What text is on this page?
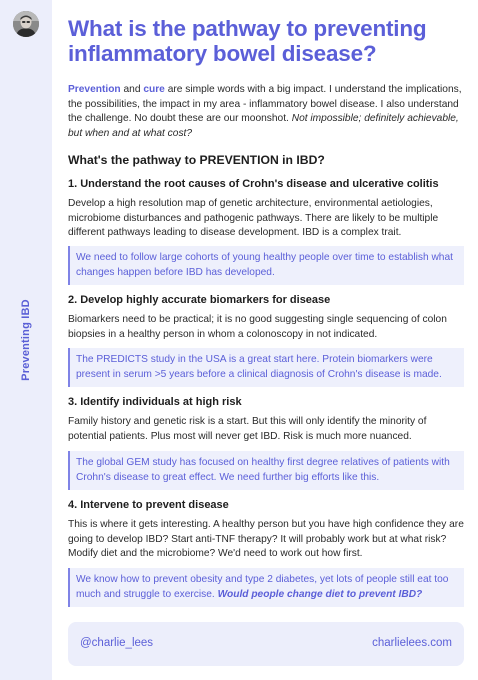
Preventing IBD
What is the pathway to preventing inflammatory bowel disease?

Prevention and cure are simple words with a big impact. I understand the implications, the possibilities, the impact in my area - inflammatory bowel disease. I also understand the challenge. No doubt these are our moonshot. Not impossible; definitely achievable, but when and at what cost?

What's the pathway to PREVENTION in IBD?
1. Understand the root causes of Crohn's disease and ulcerative colitis

Develop a high resolution map of genetic architecture, environmental aetiologies, microbiome disturbances and pathogenic pathways. There are likely to be multiple different pathways leading to disease development. IBD is a complex trait.

We need to follow large cohorts of young healthy people over time to establish what changes happen before IBD has developed.
2. Develop highly accurate biomarkers for disease

Biomarkers need to be practical; it is no good suggesting single sequencing of colon biopsies in a healthy person in whom a colonoscopy in not indicated.

The PREDICTS study in the USA is a great start here. Protein biomarkers were present in serum >5 years before a clinical diagnosis of Crohn's disease is made.
3. Identify individuals at high risk

Family history and genetic risk is a start. But this will only identify the minority of potential patients. Plus most will never get IBD. Risk is much more nuanced.

The global GEM study has focused on healthy first degree relatives of patients with Crohn's disease to great effect. We need further big efforts like this.
4. Intervene to prevent disease

This is where it gets interesting. A healthy person but you have high confidence they are going to develop IBD? Start anti-TNF therapy? It will probably work but at what risk? Modify diet and the microbiome? We'd need to work out how first.

We know how to prevent obesity and type 2 diabetes, yet lots of people still eat too much and struggle to exercise. Would people change diet to prevent IBD?
@charlie_lees	charlielees.com
